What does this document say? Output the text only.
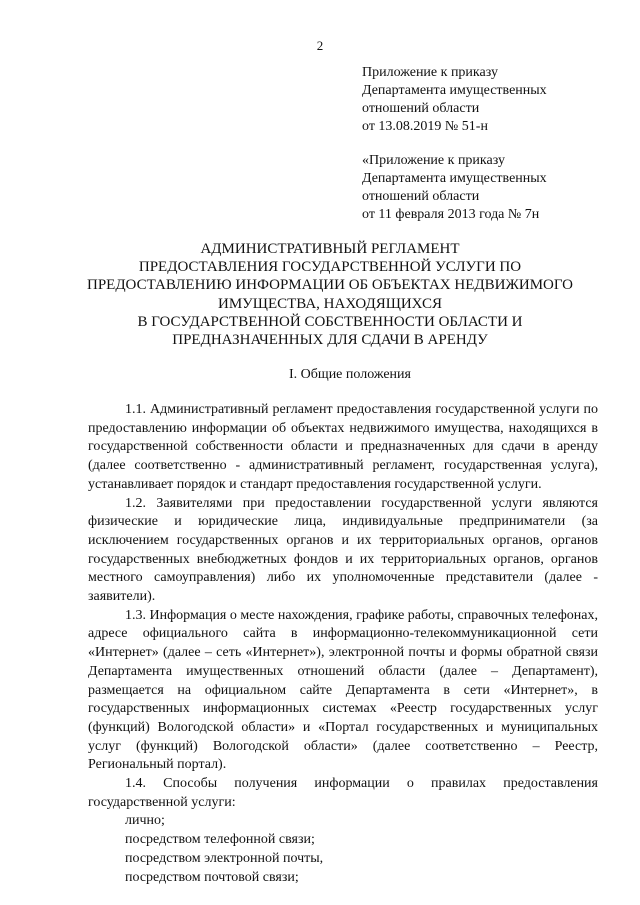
2
Приложение к приказу
Департамента имущественных
отношений области
от 13.08.2019 № 51-н
«Приложение к приказу
Департамента имущественных
отношений области
от 11 февраля 2013 года № 7н
АДМИНИСТРАТИВНЫЙ РЕГЛАМЕНТ
ПРЕДОСТАВЛЕНИЯ ГОСУДАРСТВЕННОЙ УСЛУГИ ПО
ПРЕДОСТАВЛЕНИЮ ИНФОРМАЦИИ ОБ ОБЪЕКТАХ НЕДВИЖИМОГО
ИМУЩЕСТВА, НАХОДЯЩИХСЯ
В ГОСУДАРСТВЕННОЙ СОБСТВЕННОСТИ ОБЛАСТИ И
ПРЕДНАЗНАЧЕННЫХ ДЛЯ СДАЧИ В АРЕНДУ
I. Общие положения

1.1. Административный регламент предоставления государственной услуги по предоставлению информации об объектах недвижимого имущества, находящихся в государственной собственности области и предназначенных для сдачи в аренду (далее соответственно - административный регламент, государственная услуга), устанавливает порядок и стандарт предоставления государственной услуги.

1.2. Заявителями при предоставлении государственной услуги являются физические и юридические лица, индивидуальные предприниматели (за исключением государственных органов и их территориальных органов, органов государственных внебюджетных фондов и их территориальных органов, органов местного самоуправления) либо их уполномоченные представители (далее - заявители).

1.3. Информация о месте нахождения, графике работы, справочных телефонах, адресе официального сайта в информационно-телекоммуникационной сети «Интернет» (далее – сеть «Интернет»), электронной почты и формы обратной связи Департамента имущественных отношений области (далее – Департамент), размещается на официальном сайте Департамента в сети «Интернет», в государственных информационных системах «Реестр государственных услуг (функций) Вологодской области» и «Портал государственных и муниципальных услуг (функций) Вологодской области» (далее соответственно – Реестр, Региональный портал).

1.4. Способы получения информации о правилах предоставления государственной услуги:

лично;
посредством телефонной связи;
посредством электронной почты,
посредством почтовой связи;
